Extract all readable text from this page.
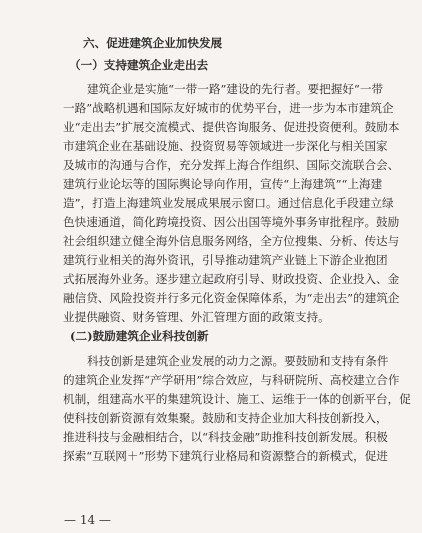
六、促进建筑企业加快发展
（一）支持建筑企业走出去
建筑企业是实施“一带一路”建设的先行者。要把握好“一带
一路”战略机遇和国际友好城市的优势平台，进一步为本市建筑企
业“走出去”扩展交流模式、提供咨询服务、促进投资便利。鼓励本
市建筑企业在基础设施、投资贸易等领域进一步深化与相关国家
及城市的沟通与合作，充分发挥上海合作组织、国际交流联合会、
建筑行业论坛等的国际舆论导向作用，宣传“上海建筑”“上海建
造”，打造上海建筑业发展成果展示窗口。通过信息化手段建立绿
色快速通道，简化跨境投资、因公出国等境外事务审批程序。鼓励
社会组织建立健全海外信息服务网络，全方位搜集、分析、传达与
建筑行业相关的海外资讯，引导推动建筑产业链上下游企业抱团
式拓展海外业务。逐步建立起政府引导、财政投资、企业投入、金
融信贷、风险投资并行多元化资金保障体系，为“走出去”的建筑企
业提供融资、财务管理、外汇管理方面的政策支持。
(二)鼓励建筑企业科技创新
科技创新是建筑企业发展的动力之源。要鼓励和支持有条件
的建筑企业发挥“产学研用”综合效应，与科研院所、高校建立合作
机制，组建高水平的集建筑设计、施工、运维于一体的创新平台，促
使科技创新资源有效集聚。鼓励和支持企业加大科技创新投入，
推进科技与金融相结合，以“科技金融”助推科技创新发展。积极
探索“互联网＋”形势下建筑行业格局和资源整合的新模式，促进
— 14 —
